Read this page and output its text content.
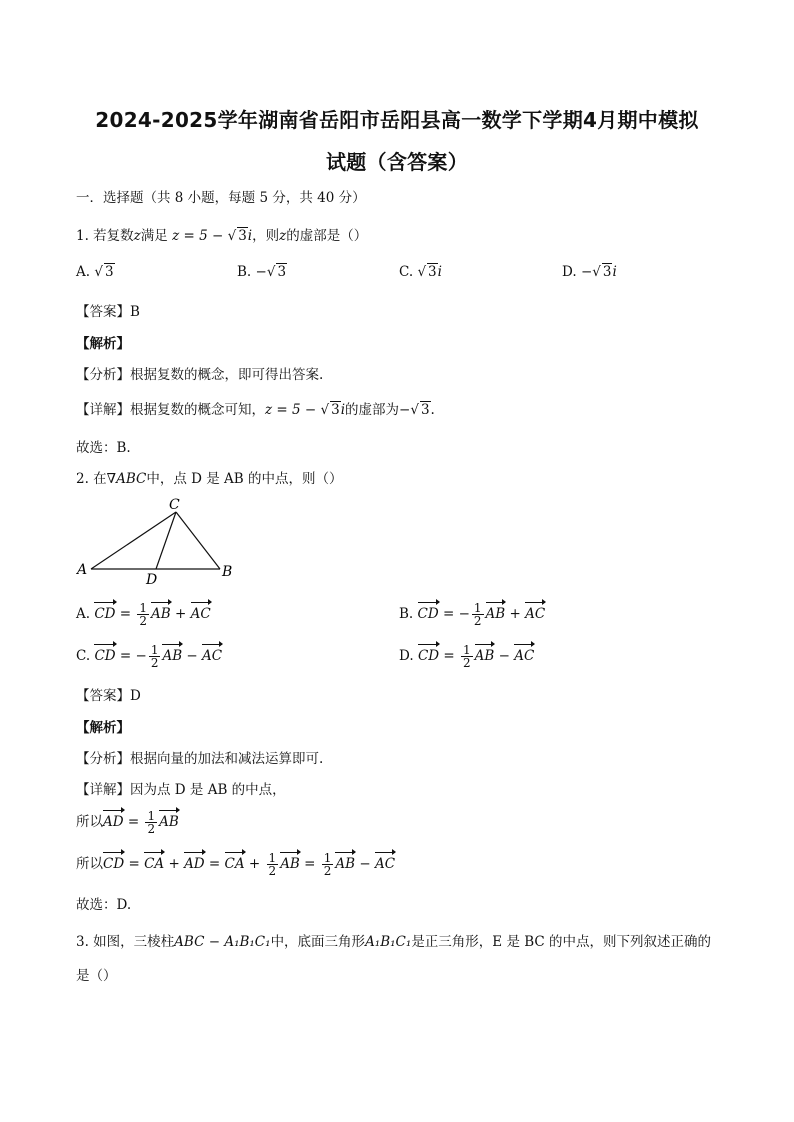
2024-2025学年湖南省岳阳市岳阳县高一数学下学期4月期中模拟
试题（含答案）
一．选择题（共 8 小题，每题 5 分，共 40 分）
1. 若复数z满足 z = 5 − √ 3i，则z的虚部是（）
A. √ 3	B. −√ 3	C. √ 3i	D. −√ 3i
【答案】B
【解析】
【分析】根据复数的概念，即可得出答案.
【详解】根据复数的概念可知，z = 5 − √ 3i的虚部为−√ 3.
故选：B.
2. 在∇ABC中，点 D 是 AB 的中点，则（）
C
A	B
D
A. CD = $\frac{1}{2}$ AB + AC	B. CD = − $\frac{1}{2}$ AB + AC
C. CD = − $\frac{1}{2}$ AB − AC	D. CD = $\frac{1}{2}$ AB − AC
【答案】D
【解析】
【分析】根据向量的加法和减法运算即可.
【详解】因为点 D 是 AB 的中点，
所以AD = $\frac{1}{2}$ AB
所以CD = CA + AD = CA + $\frac{1}{2}$ AB = $\frac{1}{2}$ AB − AC
故选：D.
3. 如图，三棱柱ABC − A₁B₁C₁中，底面三角形A₁B₁C₁是正三角形，E 是 BC 的中点，则下列叙述正确的
是（）
